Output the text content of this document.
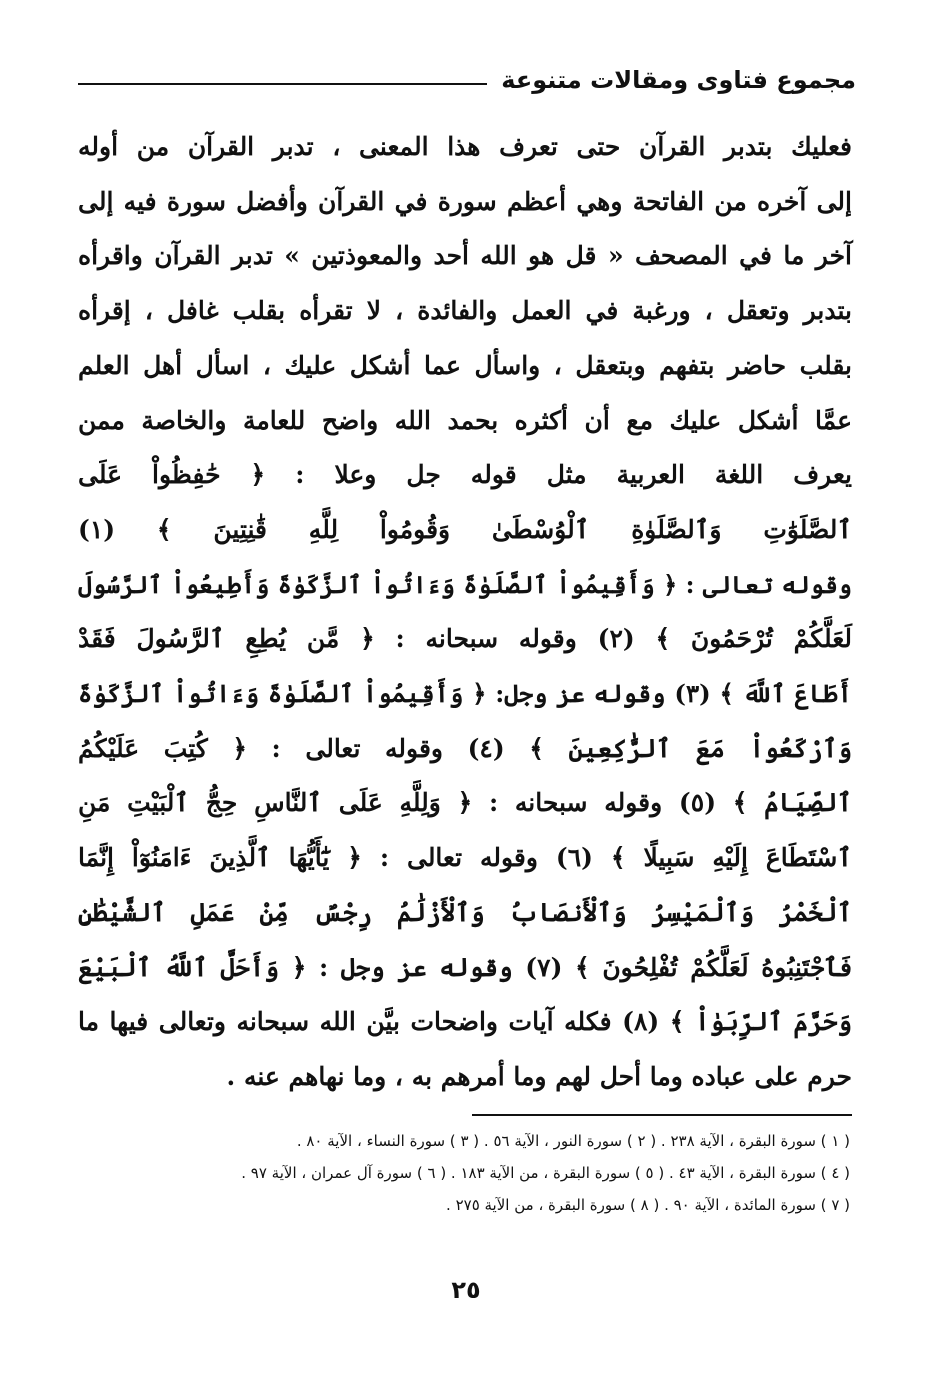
مجموع فتاوى ومقالات متنوعة
فعليك بتدبر القرآن حتى تعرف هذا المعنى ، تدبر القرآن من أوله
إلى آخره من الفاتحة وهي أعظم سورة في القرآن وأفضل سورة فيه إلى
آخر ما في المصحف « قل هو الله أحد والمعوذتين » تدبر القرآن واقرأه
بتدبر وتعقل ، ورغبة في العمل والفائدة ، لا تقرأه بقلب غافل ، إقرأه
بقلب حاضر بتفهم وبتعقل ، واسأل عما أشكل عليك ، اسأل أهل العلم
عمَّا أشكل عليك مع أن أكثره بحمد الله واضح للعامة والخاصة ممن
يعرف اللغة العربية مثل قوله جل وعلا : ﴿ حَٰفِظُواْ عَلَى
ٱلصَّلَوَٰتِ وَٱلصَّلَوٰةِ ٱلْوُسْطَىٰ وَقُومُواْ لِلَّهِ قَٰنِتِينَ ﴾ (١)
وقوله تعالى : ﴿ وَأَقِيمُواْ ٱلصَّلَوٰةَ وَءَاتُواْ ٱلزَّكَوٰةَ وَأَطِيعُواْ ٱلرَّسُولَ
لَعَلَّكُمْ تُرْحَمُونَ ﴾ (٢) وقوله سبحانه : ﴿ مَّن يُطِعِ ٱلرَّسُولَ فَقَدْ
أَطَاعَ ٱللَّهَ ﴾ (٣) وقوله عز وجل: ﴿ وَأَقِيمُواْ ٱلصَّلَوٰةَ وَءَاتُواْ ٱلزَّكَوٰةَ
وَٱرْكَعُواْ مَعَ ٱلرَّٰكِعِينَ ﴾ (٤) وقوله تعالى : ﴿ كُتِبَ عَلَيْكُمُ
ٱلصِّيَامُ ﴾ (٥) وقوله سبحانه : ﴿ وَلِلَّهِ عَلَى ٱلنَّاسِ حِجُّ ٱلْبَيْتِ مَنِ
ٱسْتَطَاعَ إِلَيْهِ سَبِيلًا ﴾ (٦) وقوله تعالى : ﴿ يَٰٓأَيُّهَا ٱلَّذِينَ ءَامَنُوٓاْ إِنَّمَا
ٱلْخَمْرُ وَٱلْمَيْسِرُ وَٱلْأَنصَابُ وَٱلْأَزْلَٰمُ رِجْسٌ مِّنْ عَمَلِ ٱلشَّيْطَٰنِ
فَٱجْتَنِبُوهُ لَعَلَّكُمْ تُفْلِحُونَ ﴾ (٧) وقوله عز وجل : ﴿ وَأَحَلَّ ٱللَّهُ ٱلْبَيْعَ
وَحَرَّمَ ٱلرِّبَوٰاْ ﴾ (٨) فكله آيات واضحات بيَّن الله سبحانه وتعالى فيها ما
حرم على عباده وما أحل لهم وما أمرهم به ، وما نهاهم عنه .
( ١ ) سورة البقرة ، الآية ٢٣٨ . ( ٢ ) سورة النور ، الآية ٥٦ . ( ٣ ) سورة النساء ، الآية ٨٠ .
( ٤ ) سورة البقرة ، الآية ٤٣ . ( ٥ ) سورة البقرة ، من الآية ١٨٣ . ( ٦ ) سورة آل عمران ، الآية ٩٧ .
( ٧ ) سورة المائدة ، الآية ٩٠ . ( ٨ ) سورة البقرة ، من الآية ٢٧٥ .
٢٥
